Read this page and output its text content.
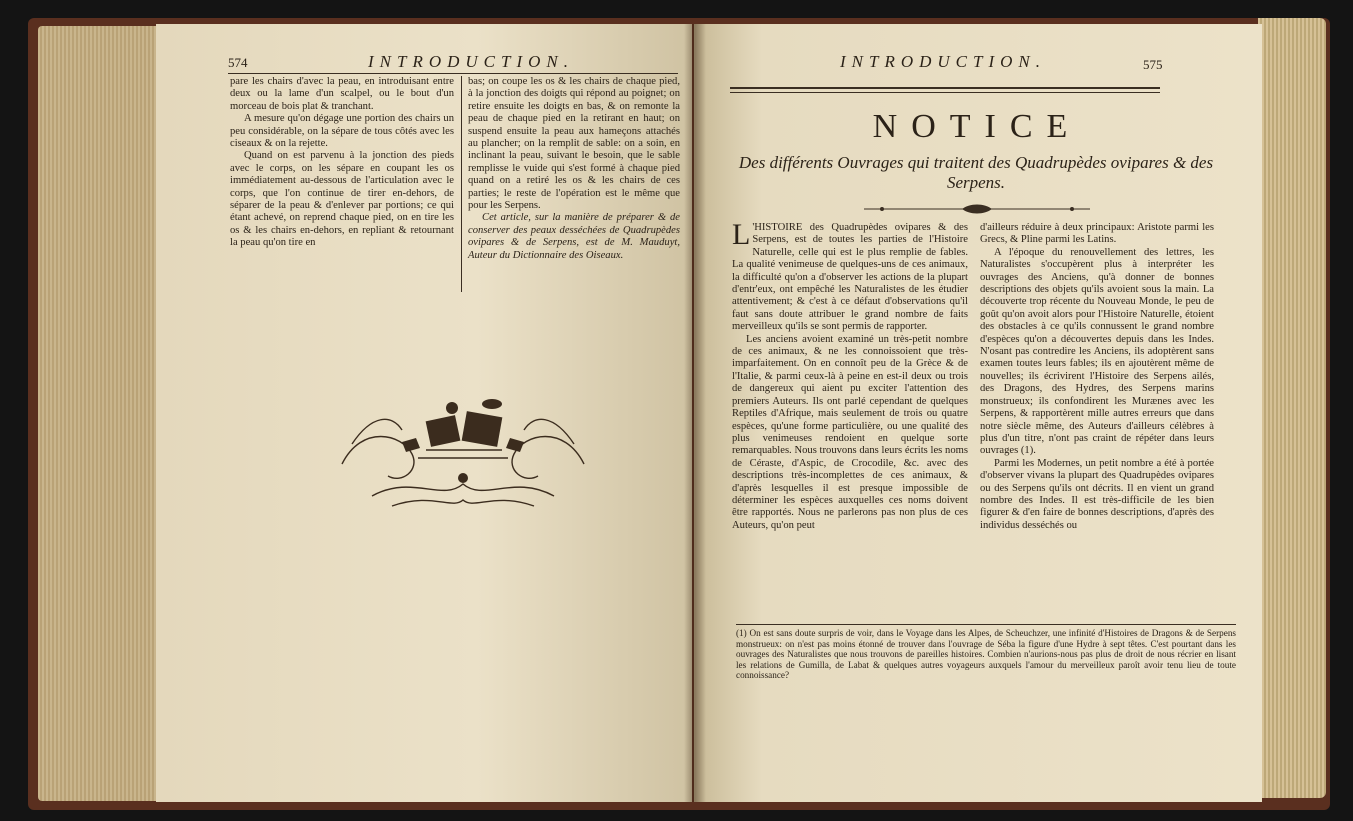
574	INTRODUCTION.

pare les chairs d'avec la peau, en introduisant entre deux ou la lame d'un scalpel, ou le bout d'un morceau de bois plat & tranchant.

A mesure qu'on dégage une portion des chairs un peu considérable, on la sépare de tous côtés avec les ciseaux & on la rejette.

Quand on est parvenu à la jonction des pieds avec le corps, on les sépare en coupant les os immédiatement au-dessous de l'articulation avec le corps, que l'on continue de tirer en-dehors, de séparer de la peau & d'enlever par portions; ce qui étant achevé, on reprend chaque pied, on en tire les os & les chairs en-dehors, en repliant & retournant la peau qu'on tire en

bas; on coupe les os & les chairs de chaque pied, à la jonction des doigts qui répond au poignet; on retire ensuite les doigts en bas, & on remonte la peau de chaque pied en la retirant en haut; on suspend ensuite la peau aux hameçons attachés au plancher; on la remplit de sable: on a soin, en inclinant la peau, suivant le besoin, que le sable remplisse le vuide qui s'est formé à chaque pied quand on a retiré les os & les chairs de ces parties; le reste de l'opération est le même que pour les Serpens.

Cet article, sur la manière de préparer & de conserver des peaux desséchées de Quadrupèdes ovipares & de Serpens, est de M. Mauduyt, Auteur du Dictionnaire des Oiseaux.

INTRODUCTION.	575
NOTICE
Des différents Ouvrages qui traitent des Quadrupèdes ovipares & des Serpens.

L 'HISTOIRE des Quadrupèdes ovipares & des Serpens, est de toutes les parties de l'Histoire Naturelle, celle qui est le plus remplie de fables. La qualité venimeuse de quelques-uns de ces animaux, la difficulté qu'on a d'observer les actions de la plupart d'entr'eux, ont empêché les Naturalistes de les étudier attentivement; & c'est à ce défaut d'observations qu'il faut sans doute attribuer le grand nombre de faits merveilleux qu'ils se sont permis de rapporter.

Les anciens avoient examiné un très-petit nombre de ces animaux, & ne les connoissoient que très-imparfaitement. On en connoît peu de la Grèce & de l'Italie, & parmi ceux-là à peine en est-il deux ou trois de dangereux qui aient pu exciter l'attention des premiers Auteurs. Ils ont parlé cependant de quelques Reptiles d'Afrique, mais seulement de trois ou quatre espèces, qu'une forme particulière, ou une qualité des plus venimeuses rendoient en quelque sorte remarquables. Nous trouvons dans leurs écrits les noms de Céraste, d'Aspic, de Crocodile, &c. avec des descriptions très-incomplettes de ces animaux, & d'après lesquelles il est presque impossible de déterminer les espèces auxquelles ces noms doivent être rapportés. Nous ne parlerons pas non plus de ces Auteurs, qu'on peut

d'ailleurs réduire à deux principaux: Aristote parmi les Grecs, & Pline parmi les Latins.

A l'époque du renouvellement des lettres, les Naturalistes s'occupèrent plus à interpréter les ouvrages des Anciens, qu'à donner de bonnes descriptions des objets qu'ils avoient sous la main. La découverte trop récente du Nouveau Monde, le peu de goût qu'on avoit alors pour l'Histoire Naturelle, étoient des obstacles à ce qu'ils connussent le grand nombre d'espèces qu'on a découvertes depuis dans les Indes. N'osant pas contredire les Anciens, ils adoptèrent sans examen toutes leurs fables; ils en ajoutèrent même de nouvelles; ils écrivirent l'Histoire des Serpens ailés, des Dragons, des Hydres, des Serpens marins monstrueux; ils confondirent les Murænes avec les Serpens, & rapportèrent mille autres erreurs que dans notre siècle même, des Auteurs d'ailleurs célèbres à plus d'un titre, n'ont pas craint de répéter dans leurs ouvrages (1).

Parmi les Modernes, un petit nombre a été à portée d'observer vivans la plupart des Quadrupèdes ovipares ou des Serpens qu'ils ont décrits. Il en vient un grand nombre des Indes. Il est très-difficile de les bien figurer & d'en faire de bonnes descriptions, d'après des individus desséchés ou

(1) On est sans doute surpris de voir, dans le Voyage dans les Alpes, de Scheuchzer, une infinité d'Histoires de Dragons & de Serpens monstrueux: on n'est pas moins étonné de trouver dans l'ouvrage de Séba la figure d'une Hydre à sept têtes. C'est pourtant dans les ouvrages des Naturalistes que nous trouvons de pareilles histoires. Combien n'aurions-nous pas plus de droit de nous récrier en lisant les relations de Gumilla, de Labat & quelques autres voyageurs auxquels l'amour du merveilleux paroît avoir tenu lieu de toute connoissance?
